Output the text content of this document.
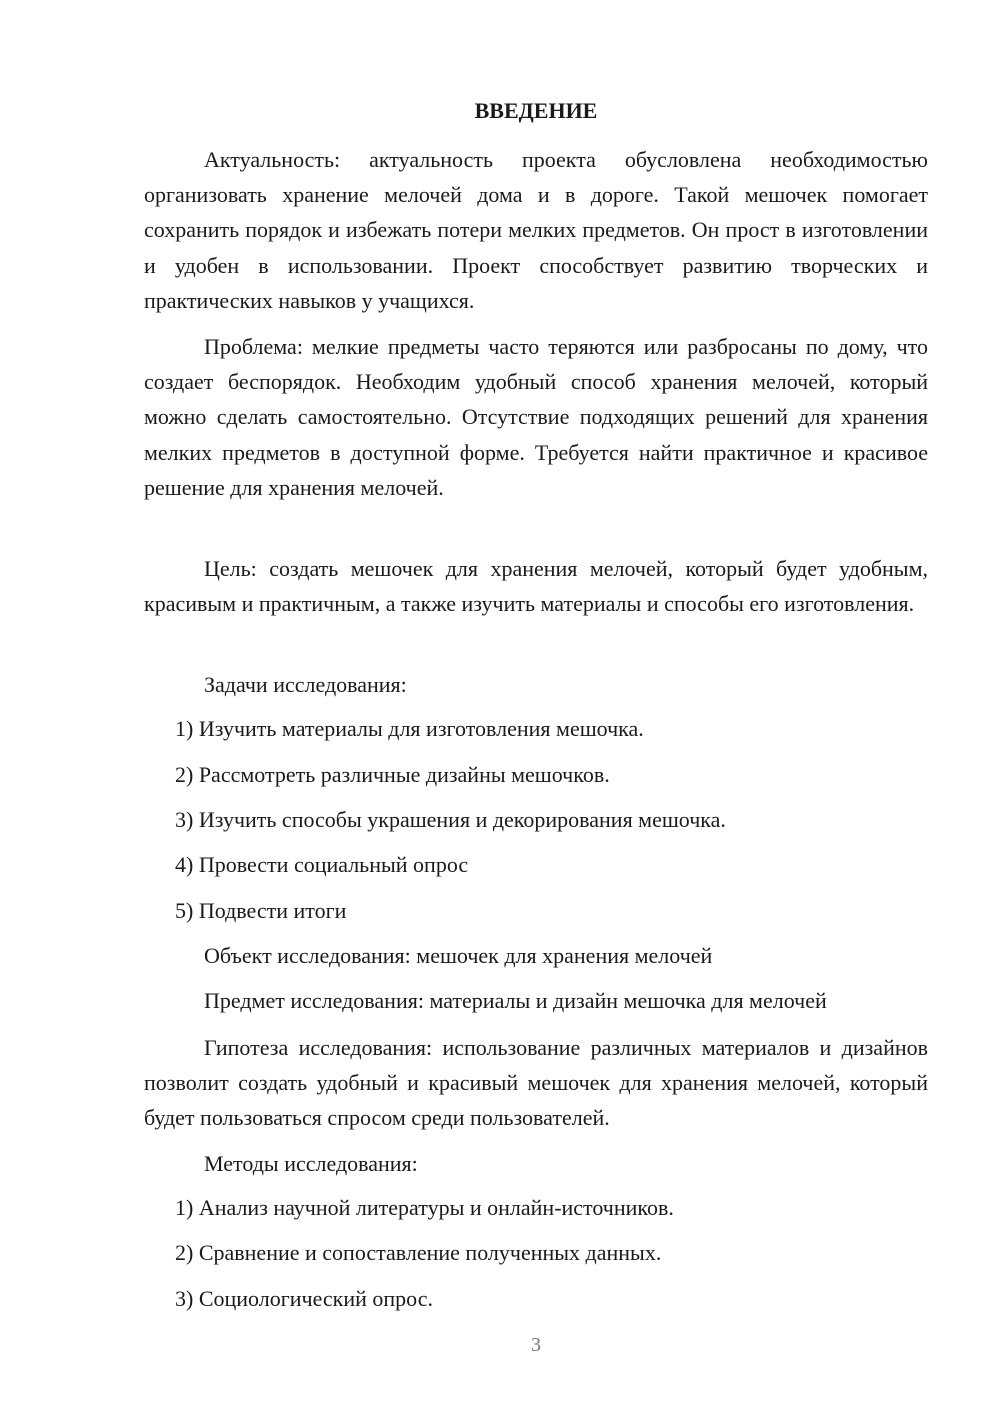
ВВЕДЕНИЕ

Актуальность: актуальность проекта обусловлена необходимостью организовать хранение мелочей дома и в дороге. Такой мешочек помогает сохранить порядок и избежать потери мелких предметов. Он прост в изготовлении и удобен в использовании. Проект способствует развитию творческих и практических навыков у учащихся.

Проблема: мелкие предметы часто теряются или разбросаны по дому, что создает беспорядок. Необходим удобный способ хранения мелочей, который можно сделать самостоятельно. Отсутствие подходящих решений для хранения мелких предметов в доступной форме. Требуется найти практичное и красивое решение для хранения мелочей.

Цель: создать мешочек для хранения мелочей, который будет удобным, красивым и практичным, а также изучить материалы и способы его изготовления.

Задачи исследования:

1) Изучить материалы для изготовления мешочка.

2) Рассмотреть различные дизайны мешочков.

3) Изучить способы украшения и декорирования мешочка.

4) Провести социальный опрос

5) Подвести итоги

Объект исследования: мешочек для хранения мелочей

Предмет исследования: материалы и дизайн мешочка для мелочей

Гипотеза исследования: использование различных материалов и дизайнов позволит создать удобный и красивый мешочек для хранения мелочей, который будет пользоваться спросом среди пользователей.

Методы исследования:

1) Анализ научной литературы и онлайн-источников.

2) Сравнение и сопоставление полученных данных.

3) Социологический опрос.

3
